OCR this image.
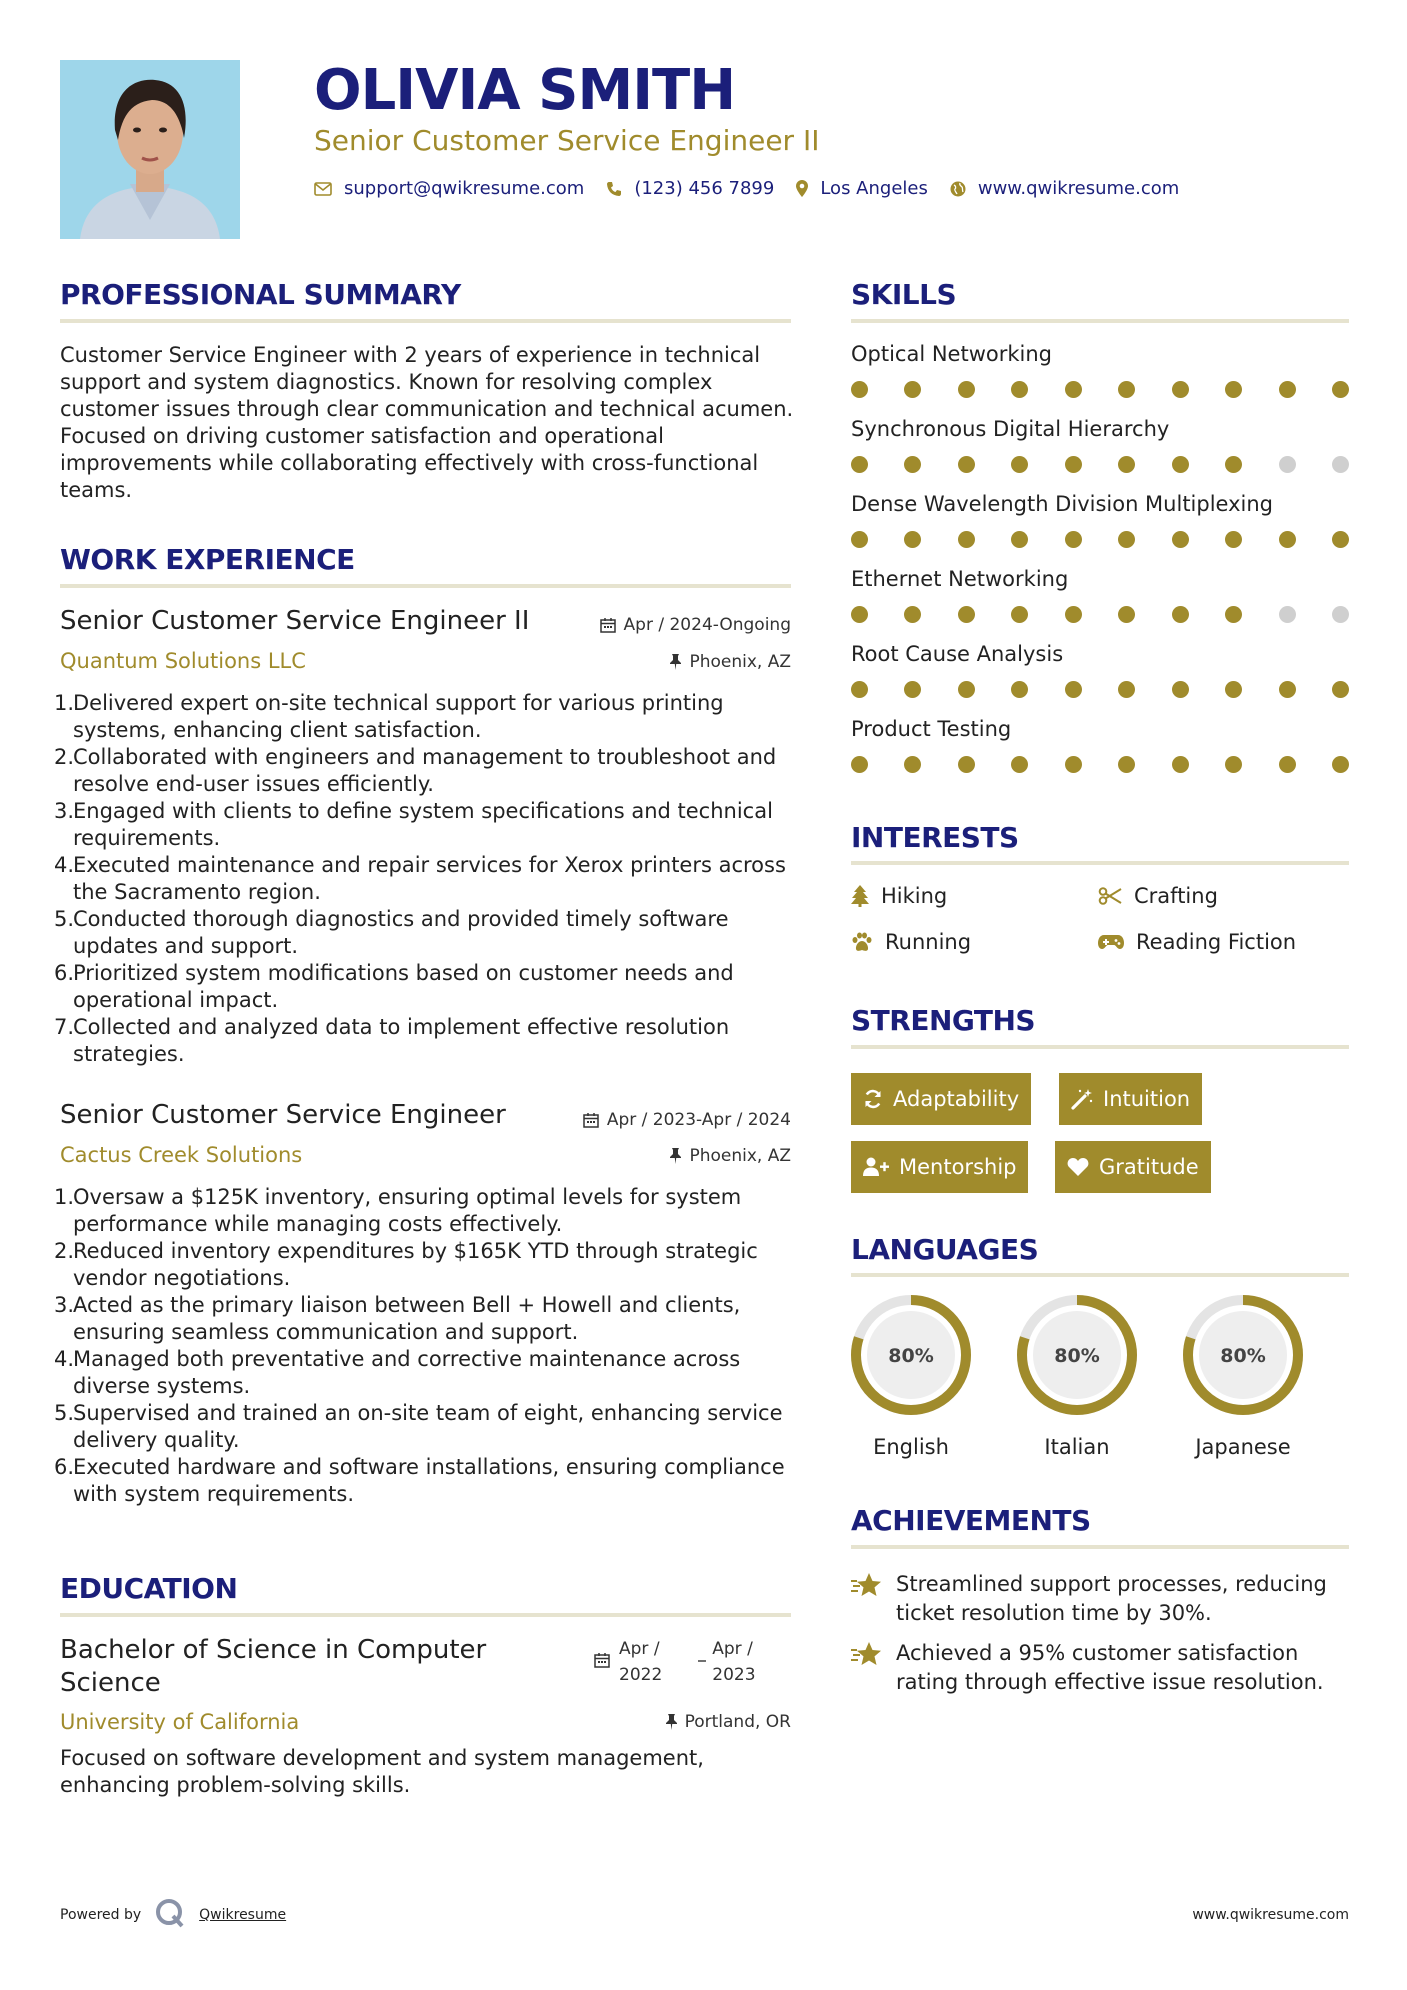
OLIVIA SMITH
Senior Customer Service Engineer II
support@qwikresume.com	(123) 456 7899	Los Angeles	www.qwikresume.com
PROFESSIONAL SUMMARY
Customer Service Engineer with 2 years of experience in technical support and system diagnostics. Known for resolving complex customer issues through clear communication and technical acumen. Focused on driving customer satisfaction and operational improvements while collaborating effectively with cross-functional teams.
WORK EXPERIENCE
Senior Customer Service Engineer II	Apr / 2024-Ongoing
Quantum Solutions LLC	Phoenix, AZ
1.
Delivered expert on-site technical support for various printing systems, enhancing client satisfaction.
2.
Collaborated with engineers and management to troubleshoot and resolve end-user issues efficiently.
3.
Engaged with clients to define system specifications and technical requirements.
4.
Executed maintenance and repair services for Xerox printers across the Sacramento region.
5.
Conducted thorough diagnostics and provided timely software updates and support.
6.
Prioritized system modifications based on customer needs and operational impact.
7.
Collected and analyzed data to implement effective resolution strategies.
Senior Customer Service Engineer	Apr / 2023-Apr / 2024
Cactus Creek Solutions	Phoenix, AZ
1.
Oversaw a $125K inventory, ensuring optimal levels for system performance while managing costs effectively.
2.
Reduced inventory expenditures by $165K YTD through strategic vendor negotiations.
3.
Acted as the primary liaison between Bell + Howell and clients, ensuring seamless communication and support.
4.
Managed both preventative and corrective maintenance across diverse systems.
5.
Supervised and trained an on-site team of eight, enhancing service delivery quality.
6.
Executed hardware and software installations, ensuring compliance with system requirements.
EDUCATION
Bachelor of Science in Computer
Science
Apr /
2022
Apr /
2023
University of California	Portland, OR
Focused on software development and system management, enhancing problem-solving skills.
SKILLS
Optical Networking
Synchronous Digital Hierarchy
Dense Wavelength Division Multiplexing
Ethernet Networking
Root Cause Analysis
Product Testing
INTERESTS
Hiking	Crafting
Running	Reading Fiction
STRENGTHS
Adaptability	Intuition
Mentorship	Gratitude
LANGUAGES
80%
English
80%
Italian
80%
Japanese
ACHIEVEMENTS
Streamlined support processes, reducing ticket resolution time by 30%.
Achieved a 95% customer satisfaction rating through effective issue resolution.
Powered by	Qwikresume	www.qwikresume.com
